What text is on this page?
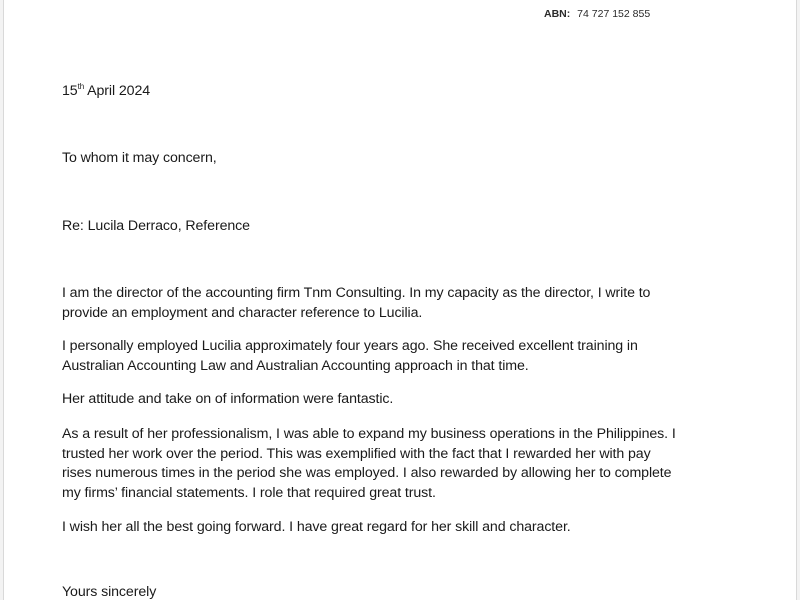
ABN: 74 727 152 855
15th April 2024
To whom it may concern,
Re: Lucila Derraco, Reference
I am the director of the accounting firm Tnm Consulting. In my capacity as the director, I write to
provide an employment and character reference to Lucilia.
I personally employed Lucilia approximately four years ago. She received excellent training in
Australian Accounting Law and Australian Accounting approach in that time.
Her attitude and take on of information were fantastic.
As a result of her professionalism, I was able to expand my business operations in the Philippines. I
trusted her work over the period. This was exemplified with the fact that I rewarded her with pay
rises numerous times in the period she was employed. I also rewarded by allowing her to complete
my firms’ financial statements. I role that required great trust.
I wish her all the best going forward. I have great regard for her skill and character.
Yours sincerely
